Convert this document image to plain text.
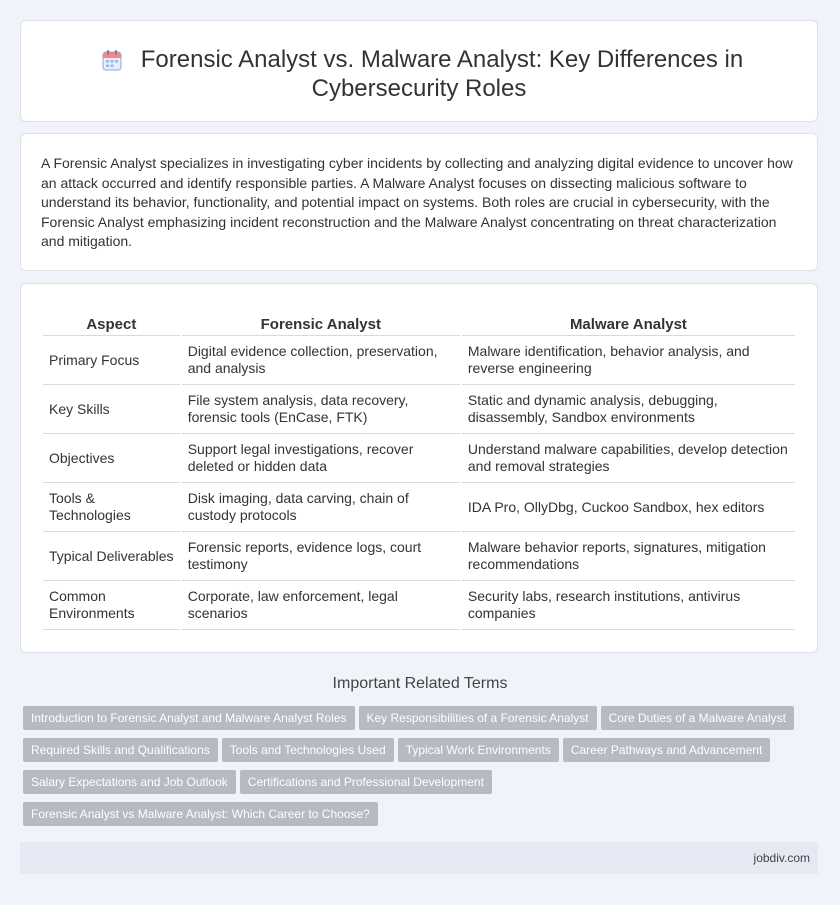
Forensic Analyst vs. Malware Analyst: Key Differences in
Cybersecurity Roles
A Forensic Analyst specializes in investigating cyber incidents by collecting and analyzing digital evidence to uncover how an attack occurred and identify responsible parties. A Malware Analyst focuses on dissecting malicious software to understand its behavior, functionality, and potential impact on systems. Both roles are crucial in cybersecurity, with the Forensic Analyst emphasizing incident reconstruction and the Malware Analyst concentrating on threat characterization and mitigation.
Aspect	Forensic Analyst	Malware Analyst
Primary Focus	Digital evidence collection, preservation, and analysis	Malware identification, behavior analysis, and reverse engineering
Key Skills	File system analysis, data recovery, forensic tools (EnCase, FTK)	Static and dynamic analysis, debugging, disassembly, Sandbox environments
Objectives	Support legal investigations, recover deleted or hidden data	Understand malware capabilities, develop detection and removal strategies
Tools & Technologies	Disk imaging, data carving, chain of custody protocols	IDA Pro, OllyDbg, Cuckoo Sandbox, hex editors
Typical Deliverables	Forensic reports, evidence logs, court testimony	Malware behavior reports, signatures, mitigation recommendations
Common Environments	Corporate, law enforcement, legal scenarios	Security labs, research institutions, antivirus companies
Important Related Terms
Introduction to Forensic Analyst and Malware Analyst Roles Key Responsibilities of a Forensic Analyst Core Duties of a Malware Analyst
Required Skills and Qualifications Tools and Technologies Used Typical Work Environments Career Pathways and Advancement
Salary Expectations and Job Outlook Certifications and Professional Development
Forensic Analyst vs Malware Analyst: Which Career to Choose?
jobdiv.com
